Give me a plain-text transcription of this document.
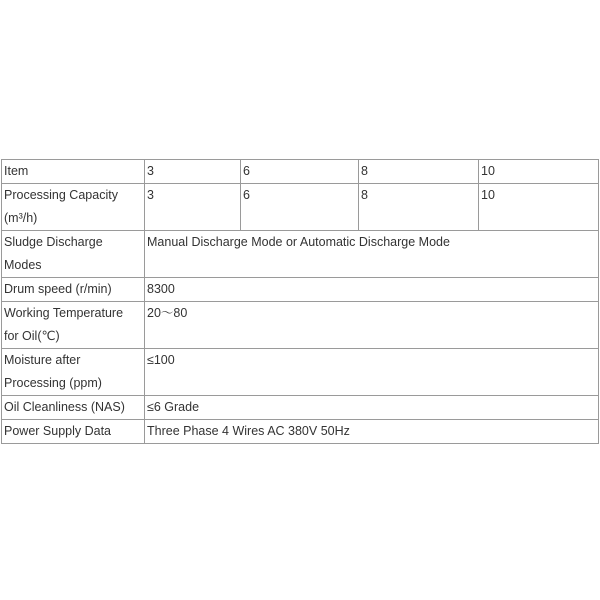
Item	3	6	8	10
Processing Capacity (m³/h)	3	6	8	10
Sludge Discharge Modes	Manual Discharge Mode or Automatic Discharge Mode			
Drum speed (r/min)	8300			
Working Temperature for Oil(℃)	20～80			
Moisture after Processing (ppm)	≤100			
Oil Cleanliness (NAS)	≤6 Grade			
Power Supply Data	Three Phase 4 Wires AC 380V 50Hz			
